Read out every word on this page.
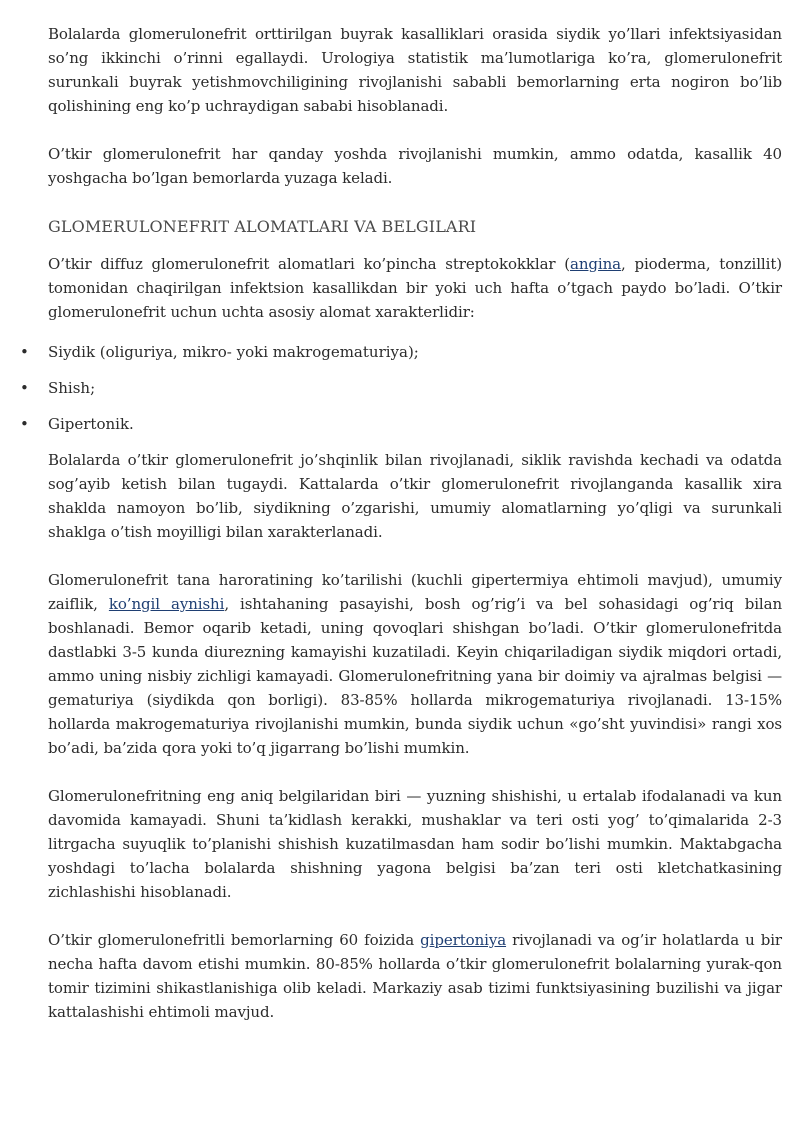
Bolalarda glomerulonefrit orttirilgan buyrak kasalliklari orasida siydik yo’llari infektsiyasidan so’ng ikkinchi o’rinni egallaydi. Urologiya statistik ma’lumotlariga ko’ra, glomerulonefrit surunkali buyrak yetishmovchiligining rivojlanishi sababli bemorlarning erta nogiron bo’lib qolishining eng ko’p uchraydigan sababi hisoblanadi.

O’tkir glomerulonefrit har qanday yoshda rivojlanishi mumkin, ammo odatda, kasallik 40 yoshgacha bo’lgan bemorlarda yuzaga keladi.

GLOMERULONEFRIT ALOMATLARI VA BELGILARI

O’tkir diffuz glomerulonefrit alomatlari ko’pincha streptokokklar (angina, piodermа, tonzillit) tomonidan chaqirilgan infektsion kasallikdan bir yoki uch hafta o’tgach paydo bo’ladi. O’tkir glomerulonefrit uchun uchta asosiy alomat xarakterlidir:

• Siydik (oliguriya, mikro- yoki makrogematuriya);
• Shish;
• Gipertonik.

Bolalarda o’tkir glomerulonefrit jo’shqinlik bilan rivojlanadi, siklik ravishda kechadi va odatda sog’ayib ketish bilan tugaydi. Kattalarda o’tkir glomerulonefrit rivojlanganda kasallik xira shaklda namoyon bo’lib, siydikning o’zgarishi, umumiy alomatlarning yo’qligi va surunkali shaklga o’tish moyilligi bilan xarakterlanadi.

Glomerulonefrit tana haroratining ko’tarilishi (kuchli gipertermiya ehtimoli mavjud), umumiy zaiflik, ko’ngil aynishi, ishtahaning pasayishi, bosh og’rig’i va bel sohasidagi og’riq bilan boshlanadi. Bemor oqarib ketadi, uning qovoqlari shishgan bo’ladi. O’tkir glomerulonefritda dastlabki 3-5 kunda diurezning kamayishi kuzatiladi. Keyin chiqariladigan siydik miqdori ortadi, ammo uning nisbiy zichligi kamayadi. Glomerulonefritning yana bir doimiy va ajralmas belgisi — gematuriya (siydikda qon borligi). 83-85% hollarda mikrogematuriya rivojlanadi. 13-15% hollarda makrogematuriya rivojlanishi mumkin, bunda siydik uchun «go’sht yuvindisi» rangi xos bo’adi, ba’zida qora yoki to’q jigarrang bo’lishi mumkin.

Glomerulonefritning eng aniq belgilaridan biri — yuzning shishishi, u ertalab ifodalanadi va kun davomida kamayadi. Shuni ta’kidlash kerakki, mushaklar va teri osti yog’ to’qimalarida 2-3 litrgacha suyuqlik to’planishi shishish kuzatilmasdan ham sodir bo’lishi mumkin. Maktabgacha yoshdagi to’lacha bolalarda shishning yagona belgisi ba’zan teri osti kletchatkasining zichlashishi hisoblanadi.

O’tkir glomerulonefritli bemorlarning 60 foizida gipertoniya rivojlanadi va og’ir holatlarda u bir necha hafta davom etishi mumkin. 80-85% hollarda o’tkir glomerulonefrit bolalarning yurak-qon tomir tizimini shikastlanishiga olib keladi. Markaziy asab tizimi funktsiyasining buzilishi va jigar kattalashishi ehtimoli mavjud.
